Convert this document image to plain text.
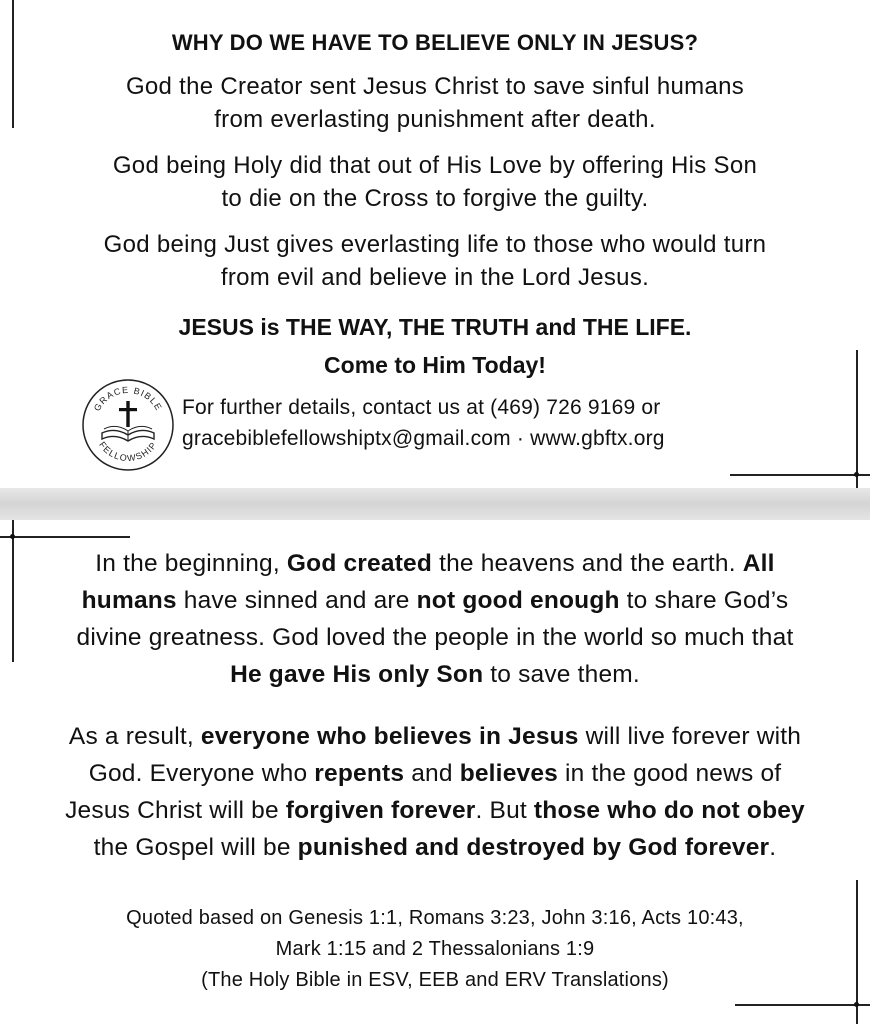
WHY DO WE HAVE TO BELIEVE ONLY IN JESUS?
God the Creator sent Jesus Christ to save sinful humans
from everlasting punishment after death.
God being Holy did that out of His Love by offering His Son
to die on the Cross to forgive the guilty.
God being Just gives everlasting life to those who would turn
from evil and believe in the Lord Jesus.
JESUS is THE WAY, THE TRUTH and THE LIFE.
Come to Him Today!
GRACE BIBLE
FELLOWSHIP
For further details, contact us at (469) 726 9169 or
gracebiblefellowshiptx@gmail.com · www.gbftx.org
In the beginning, God created the heavens and the earth. All
humans have sinned and are not good enough to share God’s
divine greatness. God loved the people in the world so much that
He gave His only Son to save them.
As a result, everyone who believes in Jesus will live forever with
God. Everyone who repents and believes in the good news of
Jesus Christ will be forgiven forever. But those who do not obey
the Gospel will be punished and destroyed by God forever.
Quoted based on Genesis 1:1, Romans 3:23, John 3:16, Acts 10:43,
Mark 1:15 and 2 Thessalonians 1:9
(The Holy Bible in ESV, EEB and ERV Translations)
